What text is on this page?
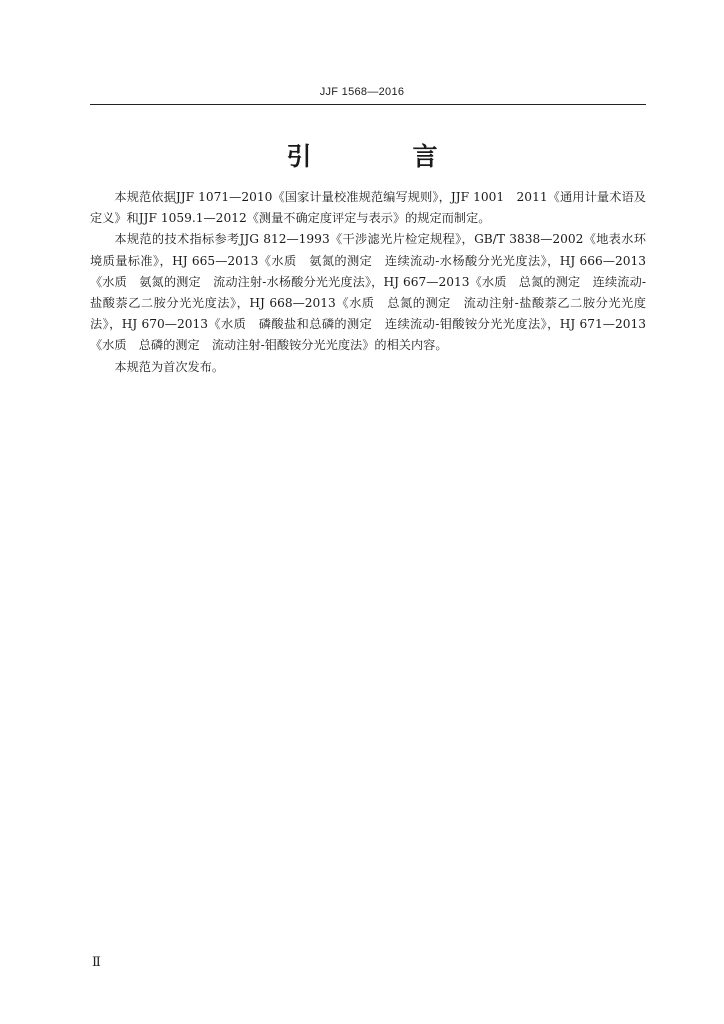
JJF 1568—2016
引　言

本规范依据JJF 1071—2010《国家计量校准规范编写规则》，JJF 1001　2011《通用计量术语及定义》和JJF 1059.1—2012《测量不确定度评定与表示》的规定而制定。

本规范的技术指标参考JJG 812—1993《干涉滤光片检定规程》，GB/T 3838—2002《地表水环境质量标准》，HJ 665—2013《水质　氨氮的测定　连续流动-水杨酸分光光度法》，HJ 666—2013《水质　氨氮的测定　流动注射-水杨酸分光光度法》，HJ 667—2013《水质　总氮的测定　连续流动-盐酸萘乙二胺分光光度法》，HJ 668—2013《水质　总氮的测定　流动注射-盐酸萘乙二胺分光光度法》，HJ 670—2013《水质　磷酸盐和总磷的测定　连续流动-钼酸铵分光光度法》，HJ 671—2013《水质　总磷的测定　流动注射-钼酸铵分光光度法》的相关内容。

本规范为首次发布。

Ⅱ
